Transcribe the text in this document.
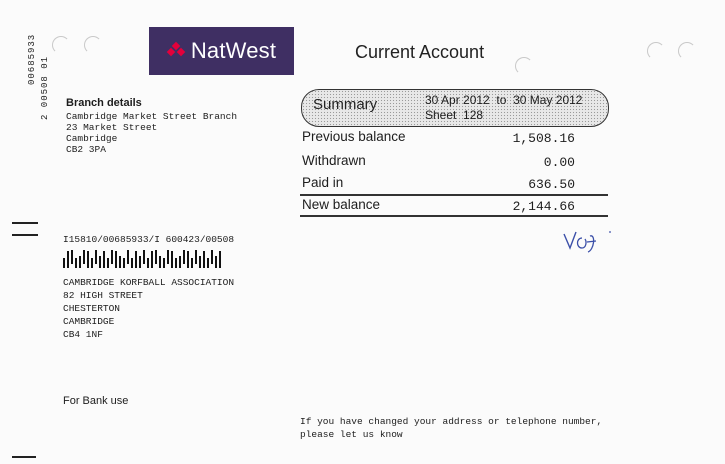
00685933 2 00508 01
NatWest	Current Account
Branch details
Cambridge Market Street Branch
23 Market Street
Cambridge
CB2 3PA
Summary	30 Apr 2012 to 30 May 2012
Sheet 128
Previous balance	1,508.16
Withdrawn	0.00
Paid in	636.50
New balance	2,144.66
I15810/00685933/I 600423/00508
CAMBRIDGE KORFBALL ASSOCIATION
82 HIGH STREET
CHESTERTON
CAMBRIDGE
CB4 1NF
For Bank use
If you have changed your address or telephone number,
please let us know
